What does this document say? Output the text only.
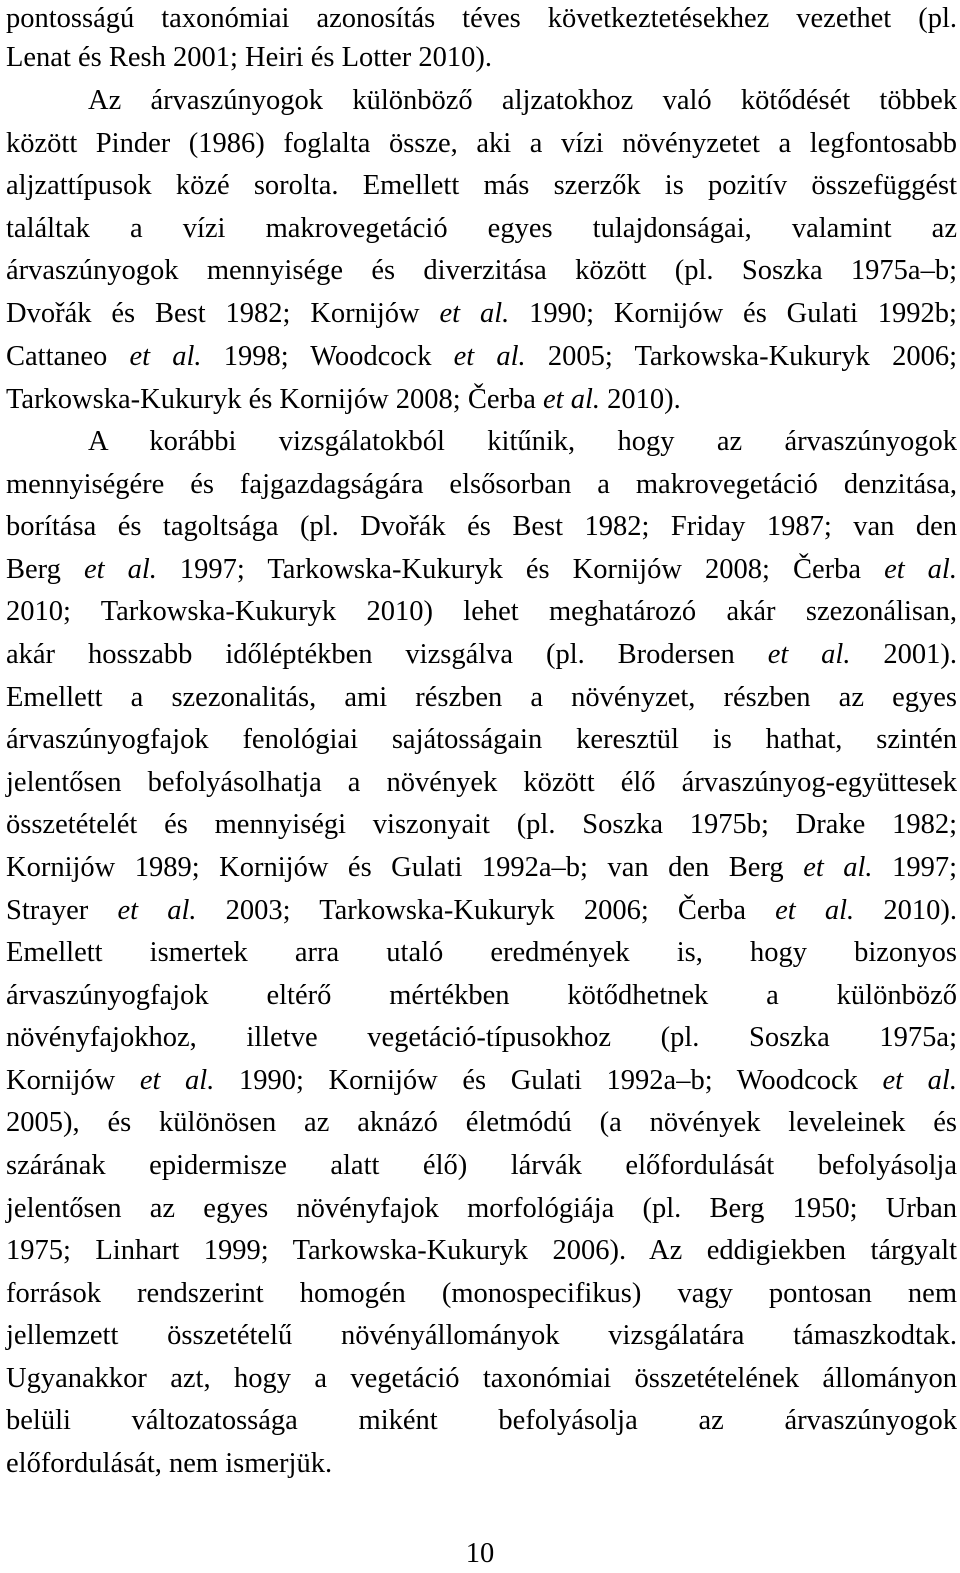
pontosságú taxonómiai azonosítás téves következtetésekhez vezethet (pl.
Lenat és Resh 2001; Heiri és Lotter 2010).
Az árvaszúnyogok különböző aljzatokhoz való kötődését többek
között Pinder (1986) foglalta össze, aki a vízi növényzetet a legfontosabb
aljzattípusok közé sorolta. Emellett más szerzők is pozitív összefüggést
találtak a vízi makrovegetáció egyes tulajdonságai, valamint az
árvaszúnyogok mennyisége és diverzitása között (pl. Soszka 1975a–b;
Dvořák és Best 1982; Kornijów et al. 1990; Kornijów és Gulati 1992b;
Cattaneo et al. 1998; Woodcock et al. 2005; Tarkowska-Kukuryk 2006;
Tarkowska-Kukuryk és Kornijów 2008; Čerba et al. 2010).
A korábbi vizsgálatokból kitűnik, hogy az árvaszúnyogok
mennyiségére és fajgazdagságára elsősorban a makrovegetáció denzitása,
borítása és tagoltsága (pl. Dvořák és Best 1982; Friday 1987; van den
Berg et al. 1997; Tarkowska-Kukuryk és Kornijów 2008; Čerba et al.
2010; Tarkowska-Kukuryk 2010) lehet meghatározó akár szezonálisan,
akár hosszabb időléptékben vizsgálva (pl. Brodersen et al. 2001).
Emellett a szezonalitás, ami részben a növényzet, részben az egyes
árvaszúnyogfajok fenológiai sajátosságain keresztül is hathat, szintén
jelentősen befolyásolhatja a növények között élő árvaszúnyog-együttesek
összetételét és mennyiségi viszonyait (pl. Soszka 1975b; Drake 1982;
Kornijów 1989; Kornijów és Gulati 1992a–b; van den Berg et al. 1997;
Strayer et al. 2003; Tarkowska-Kukuryk 2006; Čerba et al. 2010).
Emellett ismertek arra utaló eredmények is, hogy bizonyos
árvaszúnyogfajok eltérő mértékben kötődhetnek a különböző
növényfajokhoz, illetve vegetáció-típusokhoz (pl. Soszka 1975a;
Kornijów et al. 1990; Kornijów és Gulati 1992a–b; Woodcock et al.
2005), és különösen az aknázó életmódú (a növények leveleinek és
szárának epidermisze alatt élő) lárvák előfordulását befolyásolja
jelentősen az egyes növényfajok morfológiája (pl. Berg 1950; Urban
1975; Linhart 1999; Tarkowska-Kukuryk 2006). Az eddigiekben tárgyalt
források rendszerint homogén (monospecifikus) vagy pontosan nem
jellemzett összetételű növényállományok vizsgálatára támaszkodtak.
Ugyanakkor azt, hogy a vegetáció taxonómiai összetételének állományon
belüli változatossága miként befolyásolja az árvaszúnyogok
előfordulását, nem ismerjük.
10
